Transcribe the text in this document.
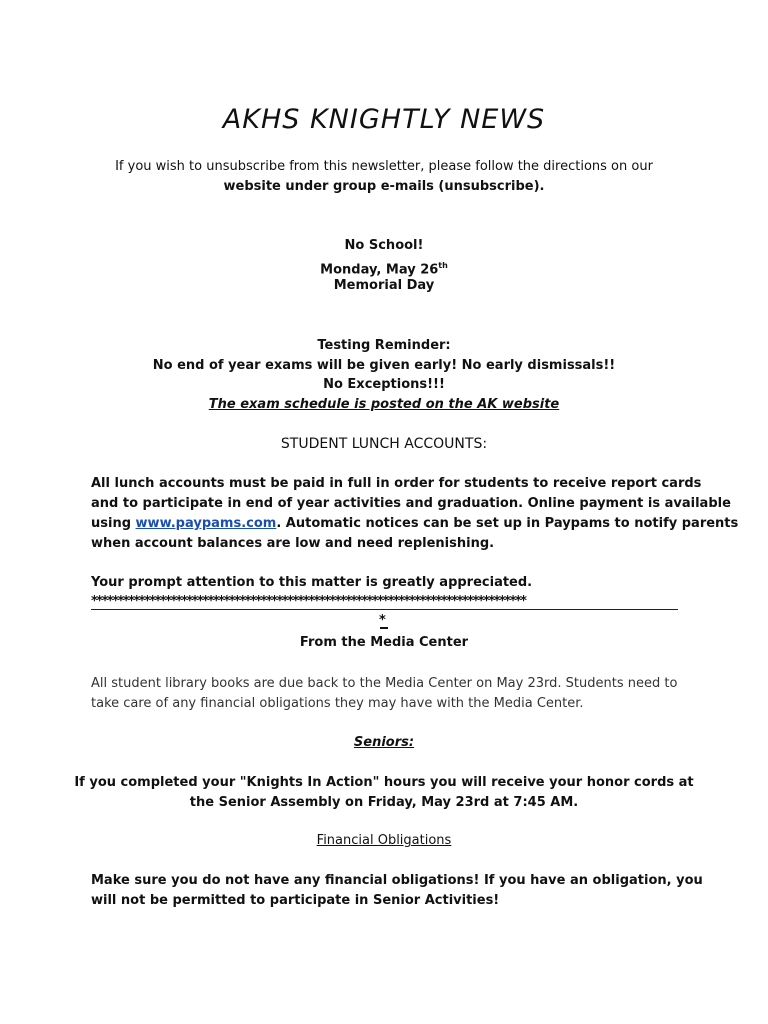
AKHS KNIGHTLY NEWS
If you wish to unsubscribe from this newsletter, please follow the directions on our
website under group e-mails (unsubscribe).
No School!
Monday, May 26th
Memorial Day
Testing Reminder:
No end of year exams will be given early! No early dismissals!!
No Exceptions!!!
The exam schedule is posted on the AK website
STUDENT LUNCH ACCOUNTS:

All lunch accounts must be paid in full in order for students to receive report cards

and to participate in end of year activities and graduation. Online payment is available

using www.paypams.com. Automatic notices can be set up in Paypams to notify parents

when account balances are low and need replenishing.

Your prompt attention to this matter is greatly appreciated.
**********************************************************************************
*
From the Media Center

All student library books are due back to the Media Center on May 23rd. Students need to

take care of any financial obligations they may have with the Media Center.

Seniors:
If you completed your "Knights In Action" hours you will receive your honor cords at
the Senior Assembly on Friday, May 23rd at 7:45 AM.
Financial Obligations

Make sure you do not have any financial obligations! If you have an obligation, you

will not be permitted to participate in Senior Activities!
